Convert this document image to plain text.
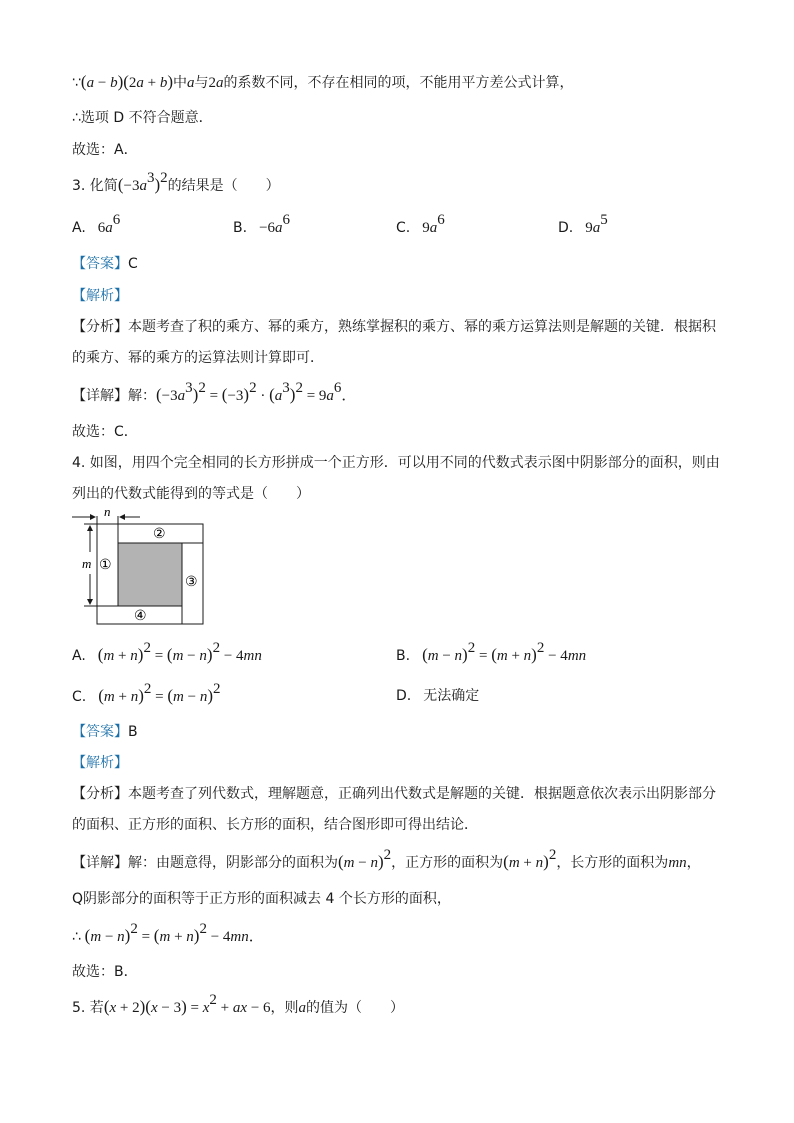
∵(a − b)(2a + b)中a与2a的系数不同，不存在相同的项，不能用平方差公式计算，
∴选项 D 不符合题意．
故选：A．
3. 化简$(-3a^3)^2$的结果是（　　）
A. $6a^6$	B. $-6a^6$	C. $9a^6$	D. $9a^5$
【答案】C
【解析】
【分析】本题考查了积的乘方、幂的乘方，熟练掌握积的乘方、幂的乘方运算法则是解题的关键．根据积
的乘方、幂的乘方的运算法则计算即可．
【详解】解：$(-3a^3)^2 = (-3)^2 \cdot (a^3)^2 = 9a^6$．
故选：C．
4. 如图，用四个完全相同的长方形拼成一个正方形．可以用不同的代数式表示图中阴影部分的面积，则由
列出的代数式能得到的等式是（　　）
n
m ①
②
③
④
A. $(m + n)^2 = (m - n)^2 - 4mn$	B. $(m - n)^2 = (m + n)^2 - 4mn$
C. $(m + n)^2 = (m - n)^2$	D. 无法确定
【答案】B
【解析】
【分析】本题考查了列代数式，理解题意，正确列出代数式是解题的关键．根据题意依次表示出阴影部分
的面积、正方形的面积、长方形的面积，结合图形即可得出结论．
【详解】解：由题意得，阴影部分的面积为$(m - n)^2$，正方形的面积为$(m + n)^2$，长方形的面积为mn，
Q阴影部分的面积等于正方形的面积减去 4 个长方形的面积，
∴ $(m - n)^2 = (m + n)^2 - 4mn$．
故选：B．
5. 若$(x + 2)(x - 3) = x^2$ + ax − 6，则a的值为（　　）
